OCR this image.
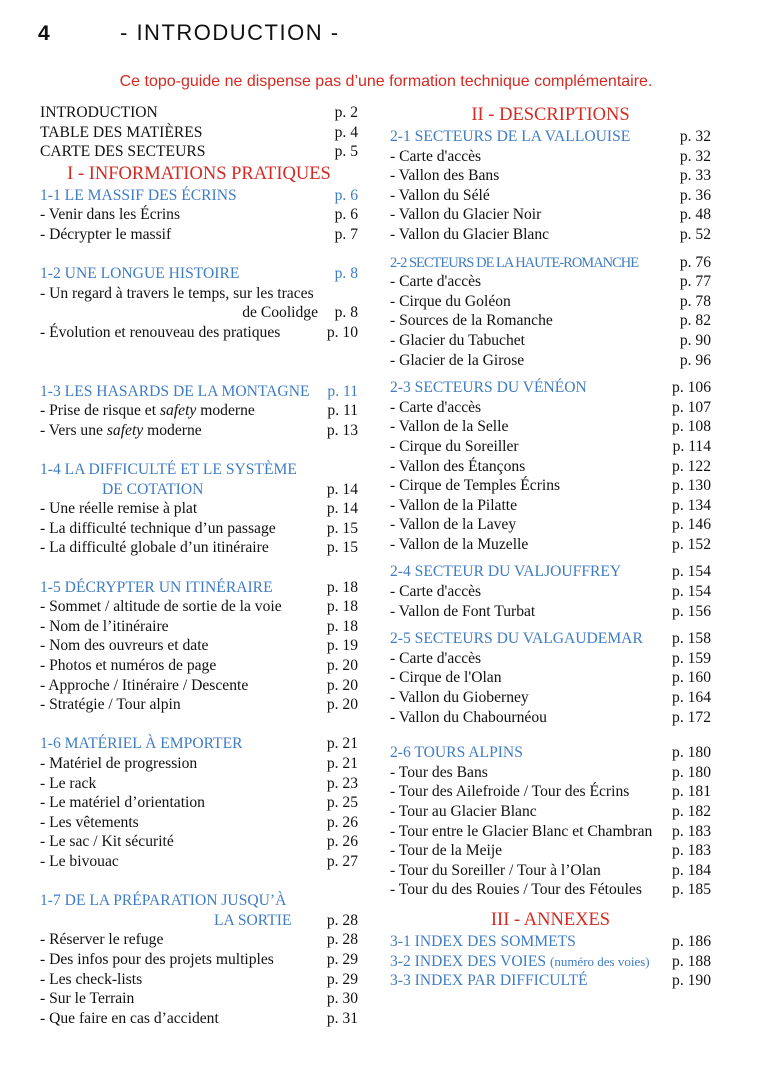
4	- INTRODUCTION -
Ce topo-guide ne dispense pas d’une formation technique complémentaire.
INTRODUCTION	p. 2
TABLE DES MATIÈRES	p. 4
CARTE DES SECTEURS	p. 5
I - INFORMATIONS PRATIQUES
1-1 LE MASSIF DES ÉCRINS	p. 6
- Venir dans les Écrins	p. 6
- Décrypter le massif	p. 7
1-2 UNE LONGUE HISTOIRE	p. 8
- Un regard à travers le temps, sur les traces
de Coolidge p. 8
- Évolution et renouveau des pratiques	p. 10
1-3 LES HASARDS DE LA MONTAGNE p. 11
- Prise de risque et safety moderne	p. 11
- Vers une safety moderne	p. 13
1-4 LA DIFFICULTÉ ET LE SYSTÈME
DE COTATION	p. 14
- Une réelle remise à plat	p. 14
- La difficulté technique d’un passage	p. 15
- La difficulté globale d’un itinéraire	p. 15
1-5 DÉCRYPTER UN ITINÉRAIRE	p. 18
- Sommet / altitude de sortie de la voie	p. 18
- Nom de l’itinéraire	p. 18
- Nom des ouvreurs et date	p. 19
- Photos et numéros de page	p. 20
- Approche / Itinéraire / Descente	p. 20
- Stratégie / Tour alpin	p. 20
1-6 MATÉRIEL À EMPORTER	p. 21
- Matériel de progression	p. 21
- Le rack	p. 23
- Le matériel d’orientation	p. 25
- Les vêtements	p. 26
- Le sac / Kit sécurité	p. 26
- Le bivouac	p. 27
1-7 DE LA PRÉPARATION JUSQU’À
LA SORTIE p. 28
- Réserver le refuge	p. 28
- Des infos pour des projets multiples	p. 29
- Les check-lists	p. 29
- Sur le Terrain	p. 30
- Que faire en cas d’accident	p. 31
II - DESCRIPTIONS
2-1 SECTEURS DE LA VALLOUISE	p. 32
- Carte d'accès	p. 32
- Vallon des Bans	p. 33
- Vallon du Sélé	p. 36
- Vallon du Glacier Noir	p. 48
- Vallon du Glacier Blanc	p. 52
2-2 SECTEURS DE LA HAUTE-ROMANCHE	p. 76
- Carte d'accès	p. 77
- Cirque du Goléon	p. 78
- Sources de la Romanche	p. 82
- Glacier du Tabuchet	p. 90
- Glacier de la Girose	p. 96
2-3 SECTEURS DU VÉNÉON	p. 106
- Carte d'accès	p. 107
- Vallon de la Selle	p. 108
- Cirque du Soreiller	p. 114
- Vallon des Étançons	p. 122
- Cirque de Temples Écrins	p. 130
- Vallon de la Pilatte	p. 134
- Vallon de la Lavey	p. 146
- Vallon de la Muzelle	p. 152
2-4 SECTEUR DU VALJOUFFREY	p. 154
- Carte d'accès	p. 154
- Vallon de Font Turbat	p. 156
2-5 SECTEURS DU VALGAUDEMAR p. 158
- Carte d'accès	p. 159
- Cirque de l'Olan	p. 160
- Vallon du Gioberney	p. 164
- Vallon du Chabournéou	p. 172
2-6 TOURS ALPINS	p. 180
- Tour des Bans	p. 180
- Tour des Ailefroide / Tour des Écrins	p. 181
- Tour au Glacier Blanc	p. 182
- Tour entre le Glacier Blanc et Chambran p. 183
- Tour de la Meije	p. 183
- Tour du Soreiller / Tour à l’Olan	p. 184
- Tour du des Rouies / Tour des Fétoules p. 185
III - ANNEXES
3-1 INDEX DES SOMMETS	p. 186
3-2 INDEX DES VOIES (numéro des voies) p. 188
3-3 INDEX PAR DIFFICULTÉ	p. 190
